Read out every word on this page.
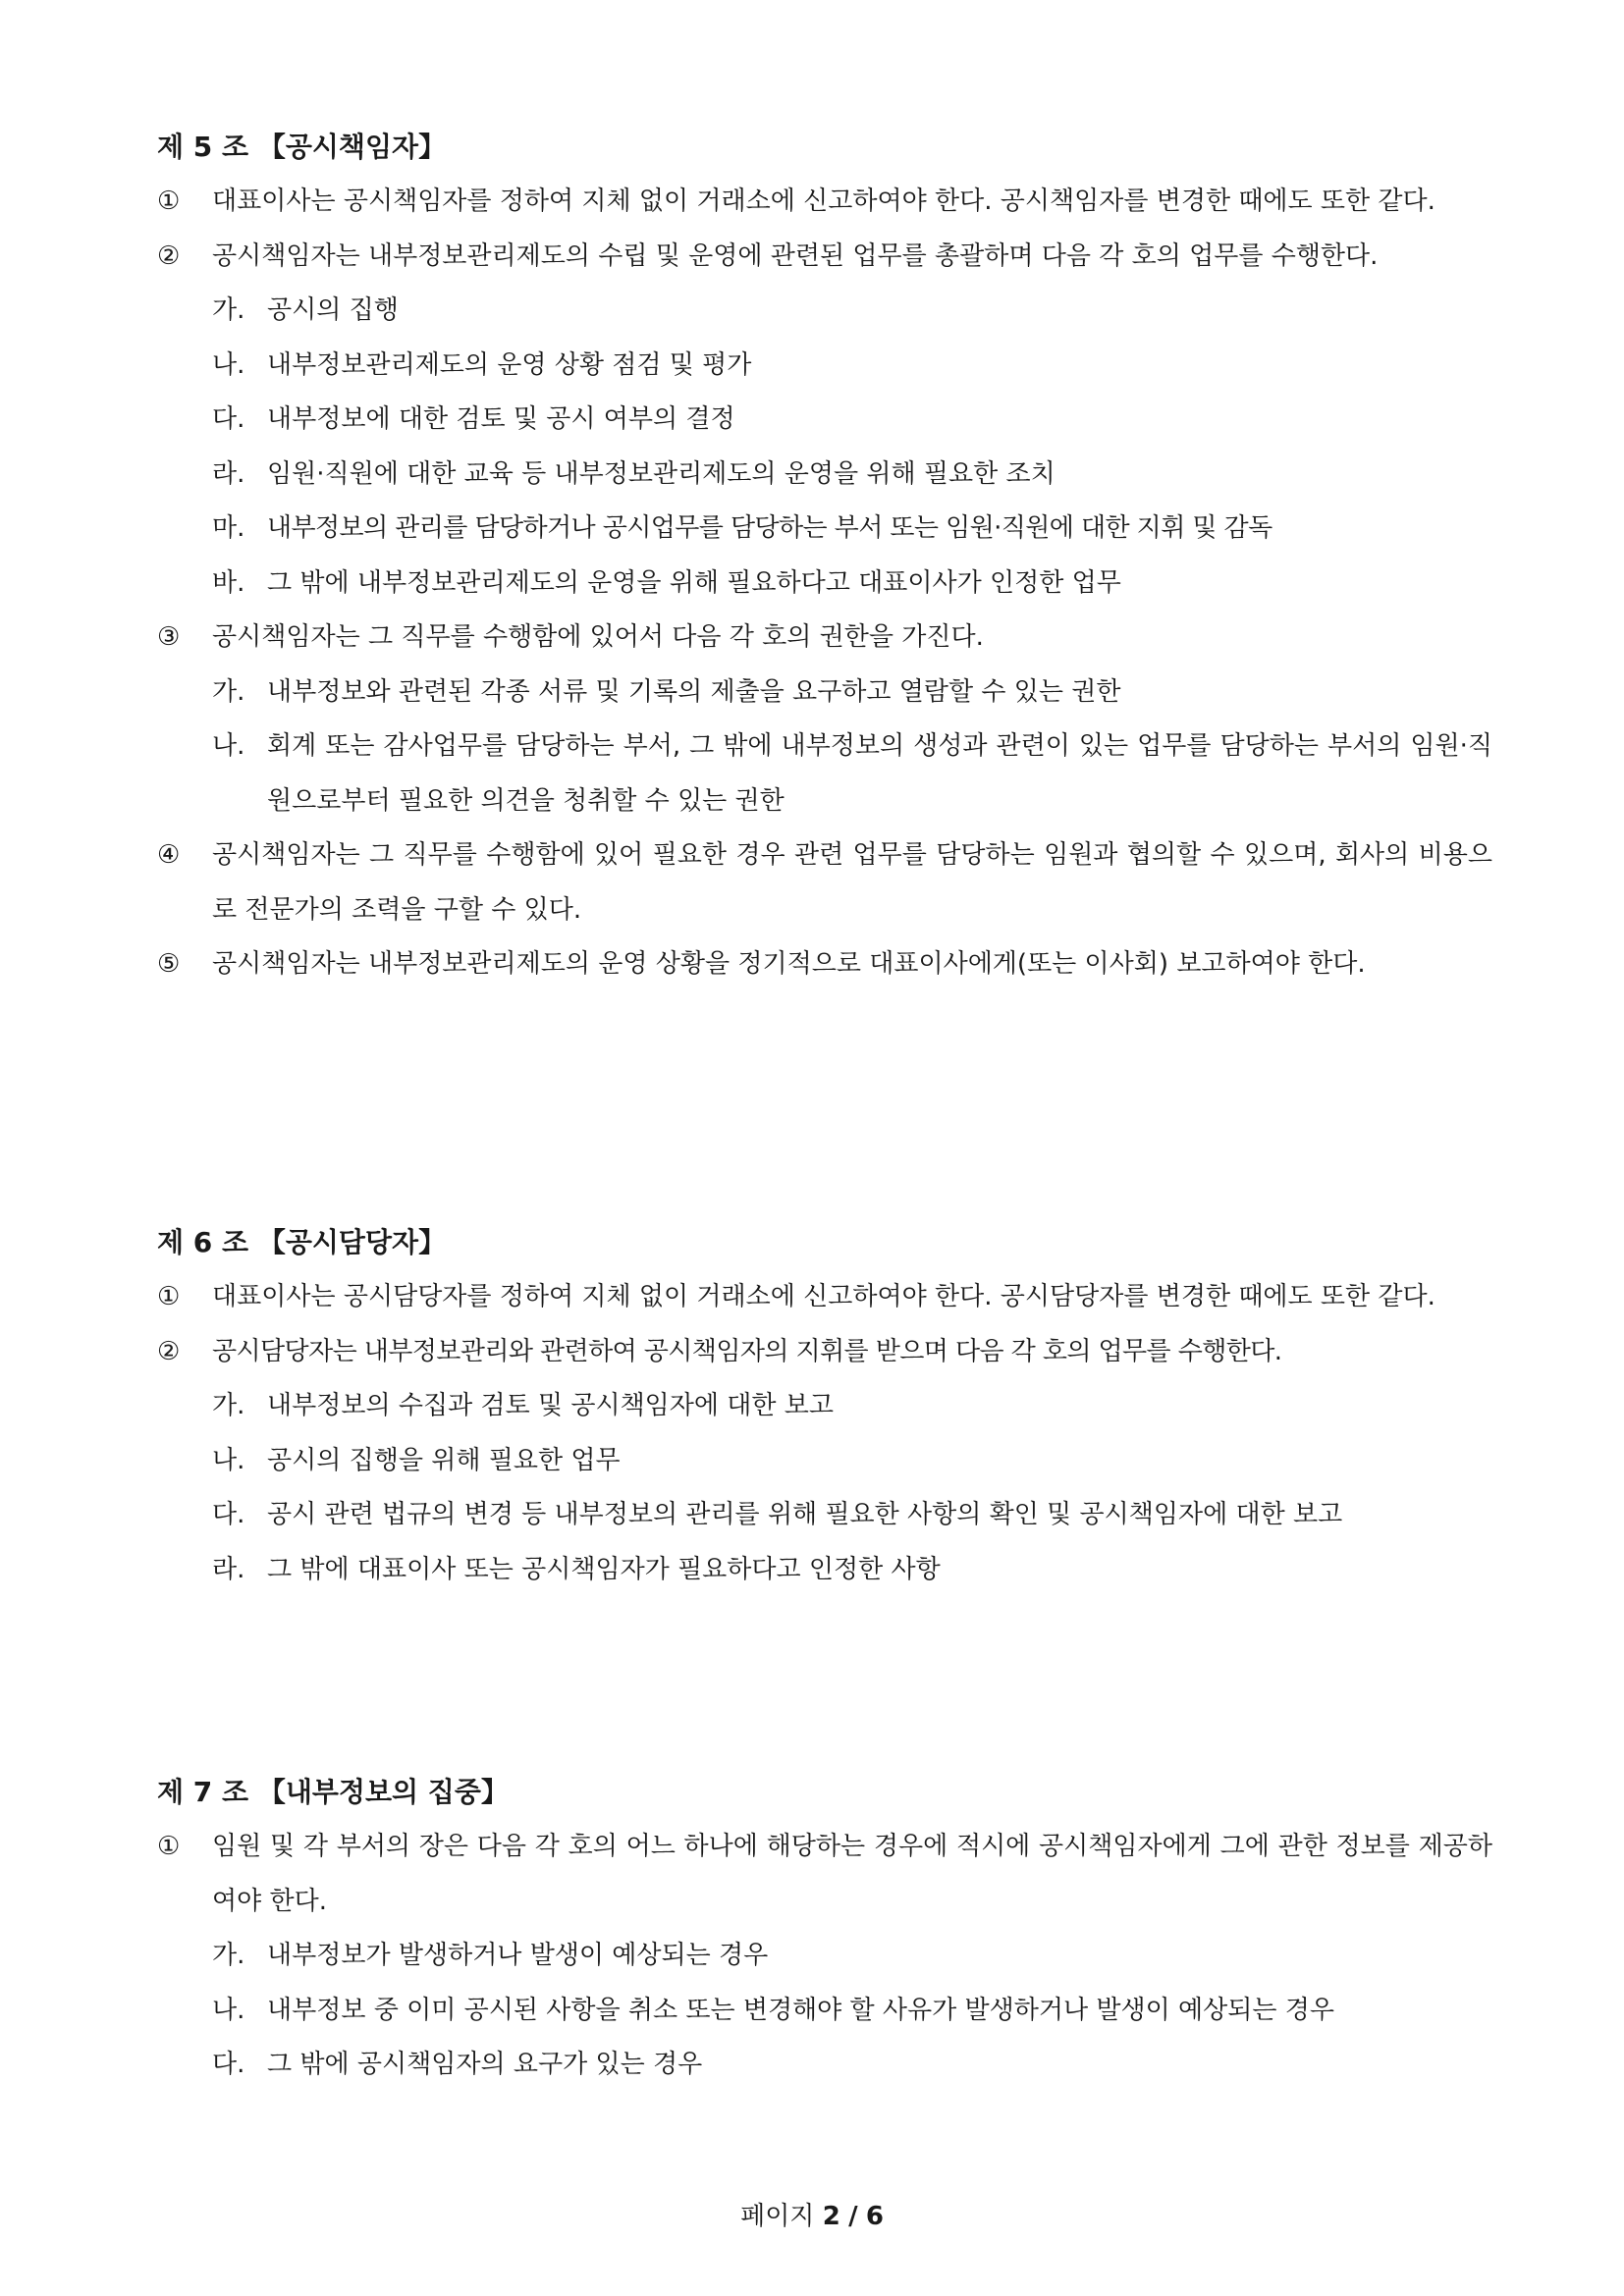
제 5 조 【공시책임자】
①	대표이사는 공시책임자를 정하여 지체 없이 거래소에 신고하여야 한다. 공시책임자를 변경한 때에도 또한 같다.
②	공시책임자는 내부정보관리제도의 수립 및 운영에 관련된 업무를 총괄하며 다음 각 호의 업무를 수행한다.
가. 공시의 집행
나. 내부정보관리제도의 운영 상황 점검 및 평가
다. 내부정보에 대한 검토 및 공시 여부의 결정
라. 임원·직원에 대한 교육 등 내부정보관리제도의 운영을 위해 필요한 조치
마. 내부정보의 관리를 담당하거나 공시업무를 담당하는 부서 또는 임원·직원에 대한 지휘 및 감독
바. 그 밖에 내부정보관리제도의 운영을 위해 필요하다고 대표이사가 인정한 업무
③	공시책임자는 그 직무를 수행함에 있어서 다음 각 호의 권한을 가진다.
가. 내부정보와 관련된 각종 서류 및 기록의 제출을 요구하고 열람할 수 있는 권한
나. 회계 또는 감사업무를 담당하는 부서, 그 밖에 내부정보의 생성과 관련이 있는 업무를 담당하는 부서의 임원·직원으로부터 필요한 의견을 청취할 수 있는 권한
④	공시책임자는 그 직무를 수행함에 있어 필요한 경우 관련 업무를 담당하는 임원과 협의할 수 있으며, 회사의 비용으로 전문가의 조력을 구할 수 있다.
⑤	공시책임자는 내부정보관리제도의 운영 상황을 정기적으로 대표이사에게(또는 이사회) 보고하여야 한다.
제 6 조 【공시담당자】
①	대표이사는 공시담당자를 정하여 지체 없이 거래소에 신고하여야 한다. 공시담당자를 변경한 때에도 또한 같다.
②	공시담당자는 내부정보관리와 관련하여 공시책임자의 지휘를 받으며 다음 각 호의 업무를 수행한다.
가. 내부정보의 수집과 검토 및 공시책임자에 대한 보고
나. 공시의 집행을 위해 필요한 업무
다. 공시 관련 법규의 변경 등 내부정보의 관리를 위해 필요한 사항의 확인 및 공시책임자에 대한 보고
라. 그 밖에 대표이사 또는 공시책임자가 필요하다고 인정한 사항
제 7 조 【내부정보의 집중】
①	임원 및 각 부서의 장은 다음 각 호의 어느 하나에 해당하는 경우에 적시에 공시책임자에게 그에 관한 정보를 제공하여야 한다.
가. 내부정보가 발생하거나 발생이 예상되는 경우
나. 내부정보 중 이미 공시된 사항을 취소 또는 변경해야 할 사유가 발생하거나 발생이 예상되는 경우
다. 그 밖에 공시책임자의 요구가 있는 경우
페이지 2 / 6
